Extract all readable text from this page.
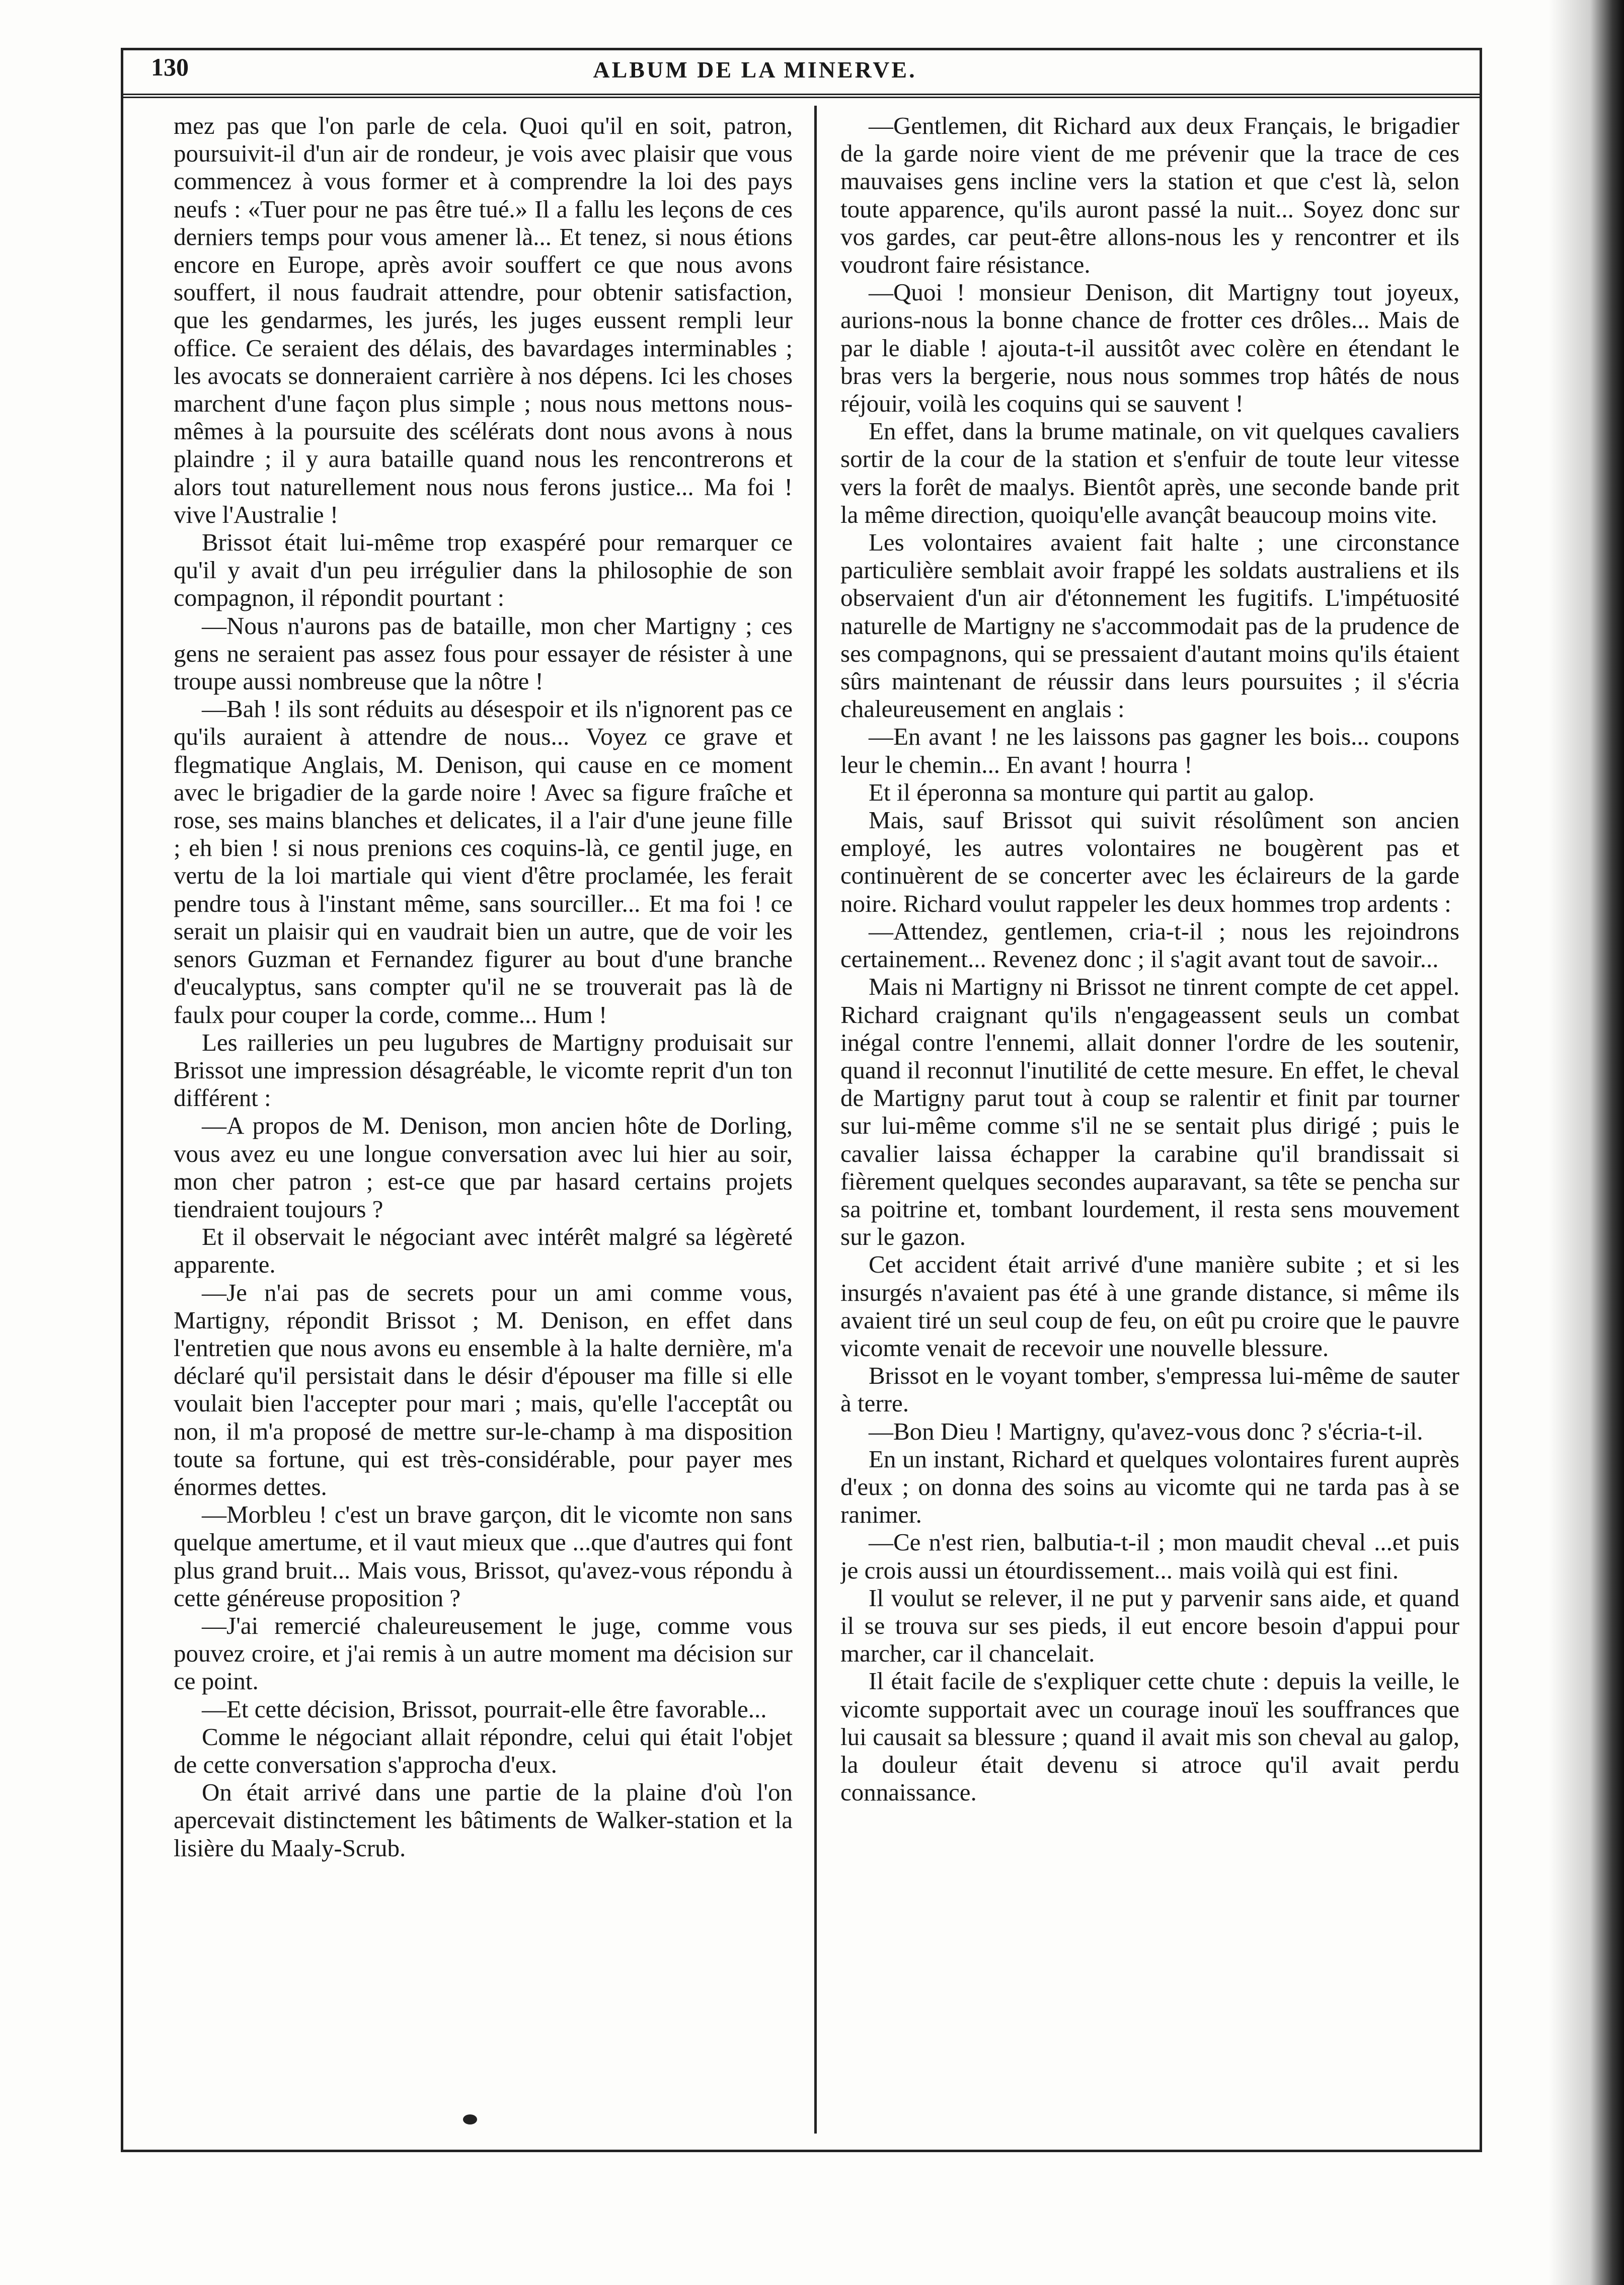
130	ALBUM DE LA MINERVE.

mez pas que l'on parle de cela. Quoi qu'il en soit, patron, poursuivit-il d'un air de rondeur, je vois avec plaisir que vous commencez à vous former et à comprendre la loi des pays neufs : «Tuer pour ne pas être tué.» Il a fallu les leçons de ces derniers temps pour vous amener là... Et tenez, si nous étions encore en Europe, après avoir souffert ce que nous avons souffert, il nous faudrait attendre, pour obtenir satisfaction, que les gendarmes, les jurés, les juges eussent rempli leur office. Ce seraient des délais, des bavardages interminables ; les avocats se donneraient carrière à nos dépens. Ici les choses marchent d'une façon plus simple ; nous nous mettons nous-mêmes à la poursuite des scélérats dont nous avons à nous plaindre ; il y aura bataille quand nous les rencontrerons et alors tout naturellement nous nous ferons justice... Ma foi ! vive l'Australie !

Brissot était lui-même trop exaspéré pour remarquer ce qu'il y avait d'un peu irrégulier dans la philosophie de son compagnon, il répondit pourtant :

—Nous n'aurons pas de bataille, mon cher Martigny ; ces gens ne seraient pas assez fous pour essayer de résister à une troupe aussi nombreuse que la nôtre !

—Bah ! ils sont réduits au désespoir et ils n'ignorent pas ce qu'ils auraient à attendre de nous... Voyez ce grave et flegmatique Anglais, M. Denison, qui cause en ce moment avec le brigadier de la garde noire ! Avec sa figure fraîche et rose, ses mains blanches et delicates, il a l'air d'une jeune fille ; eh bien ! si nous prenions ces coquins-là, ce gentil juge, en vertu de la loi martiale qui vient d'être proclamée, les ferait pendre tous à l'instant même, sans sourciller... Et ma foi ! ce serait un plaisir qui en vaudrait bien un autre, que de voir les senors Guzman et Fernandez figurer au bout d'une branche d'eucalyptus, sans compter qu'il ne se trouverait pas là de faulx pour couper la corde, comme... Hum !

Les railleries un peu lugubres de Martigny produisait sur Brissot une impression désagréable, le vicomte reprit d'un ton différent :

—A propos de M. Denison, mon ancien hôte de Dorling, vous avez eu une longue conversation avec lui hier au soir, mon cher patron ; est-ce que par hasard certains projets tiendraient toujours ?

Et il observait le négociant avec intérêt malgré sa légèreté apparente.

—Je n'ai pas de secrets pour un ami comme vous, Martigny, répondit Brissot ; M. Denison, en effet dans l'entretien que nous avons eu ensemble à la halte dernière, m'a déclaré qu'il persistait dans le désir d'épouser ma fille si elle voulait bien l'accepter pour mari ; mais, qu'elle l'acceptât ou non, il m'a proposé de mettre sur-le-champ à ma disposition toute sa fortune, qui est très-considérable, pour payer mes énormes dettes.

—Morbleu ! c'est un brave garçon, dit le vicomte non sans quelque amertume, et il vaut mieux que ...que d'autres qui font plus grand bruit... Mais vous, Brissot, qu'avez-vous répondu à cette généreuse proposition ?

—J'ai remercié chaleureusement le juge, comme vous pouvez croire, et j'ai remis à un autre moment ma décision sur ce point.

—Et cette décision, Brissot, pourrait-elle être favorable...

Comme le négociant allait répondre, celui qui était l'objet de cette conversation s'approcha d'eux.

On était arrivé dans une partie de la plaine d'où l'on apercevait distinctement les bâtiments de Walker-station et la lisière du Maaly-Scrub.

—Gentlemen, dit Richard aux deux Français, le brigadier de la garde noire vient de me prévenir que la trace de ces mauvaises gens incline vers la station et que c'est là, selon toute apparence, qu'ils auront passé la nuit... Soyez donc sur vos gardes, car peut-être allons-nous les y rencontrer et ils voudront faire résistance.

—Quoi ! monsieur Denison, dit Martigny tout joyeux, aurions-nous la bonne chance de frotter ces drôles... Mais de par le diable ! ajouta-t-il aussitôt avec colère en étendant le bras vers la bergerie, nous nous sommes trop hâtés de nous réjouir, voilà les coquins qui se sauvent !

En effet, dans la brume matinale, on vit quelques cavaliers sortir de la cour de la station et s'enfuir de toute leur vitesse vers la forêt de maalys. Bientôt après, une seconde bande prit la même direction, quoiqu'elle avançât beaucoup moins vite.

Les volontaires avaient fait halte ; une circonstance particulière semblait avoir frappé les soldats australiens et ils observaient d'un air d'étonnement les fugitifs. L'impétuosité naturelle de Martigny ne s'accommodait pas de la prudence de ses compagnons, qui se pressaient d'autant moins qu'ils étaient sûrs maintenant de réussir dans leurs poursuites ; il s'écria chaleureusement en anglais :

—En avant ! ne les laissons pas gagner les bois... coupons leur le chemin... En avant ! hourra !

Et il éperonna sa monture qui partit au galop.

Mais, sauf Brissot qui suivit résolûment son ancien employé, les autres volontaires ne bougèrent pas et continuèrent de se concerter avec les éclaireurs de la garde noire. Richard voulut rappeler les deux hommes trop ardents :

—Attendez, gentlemen, cria-t-il ; nous les rejoindrons certainement... Revenez donc ; il s'agit avant tout de savoir...

Mais ni Martigny ni Brissot ne tinrent compte de cet appel. Richard craignant qu'ils n'engageassent seuls un combat inégal contre l'ennemi, allait donner l'ordre de les soutenir, quand il reconnut l'inutilité de cette mesure. En effet, le cheval de Martigny parut tout à coup se ralentir et finit par tourner sur lui-même comme s'il ne se sentait plus dirigé ; puis le cavalier laissa échapper la carabine qu'il brandissait si fièrement quelques secondes auparavant, sa tête se pencha sur sa poitrine et, tombant lourdement, il resta sens mouvement sur le gazon.

Cet accident était arrivé d'une manière subite ; et si les insurgés n'avaient pas été à une grande distance, si même ils avaient tiré un seul coup de feu, on eût pu croire que le pauvre vicomte venait de recevoir une nouvelle blessure.

Brissot en le voyant tomber, s'empressa lui-même de sauter à terre.

—Bon Dieu ! Martigny, qu'avez-vous donc ? s'écria-t-il.

En un instant, Richard et quelques volontaires furent auprès d'eux ; on donna des soins au vicomte qui ne tarda pas à se ranimer.

—Ce n'est rien, balbutia-t-il ; mon maudit cheval ...et puis je crois aussi un étourdissement... mais voilà qui est fini.

Il voulut se relever, il ne put y parvenir sans aide, et quand il se trouva sur ses pieds, il eut encore besoin d'appui pour marcher, car il chancelait.

Il était facile de s'expliquer cette chute : depuis la veille, le vicomte supportait avec un courage inouï les souffrances que lui causait sa blessure ; quand il avait mis son cheval au galop, la douleur était devenu si atroce qu'il avait perdu connaissance.
